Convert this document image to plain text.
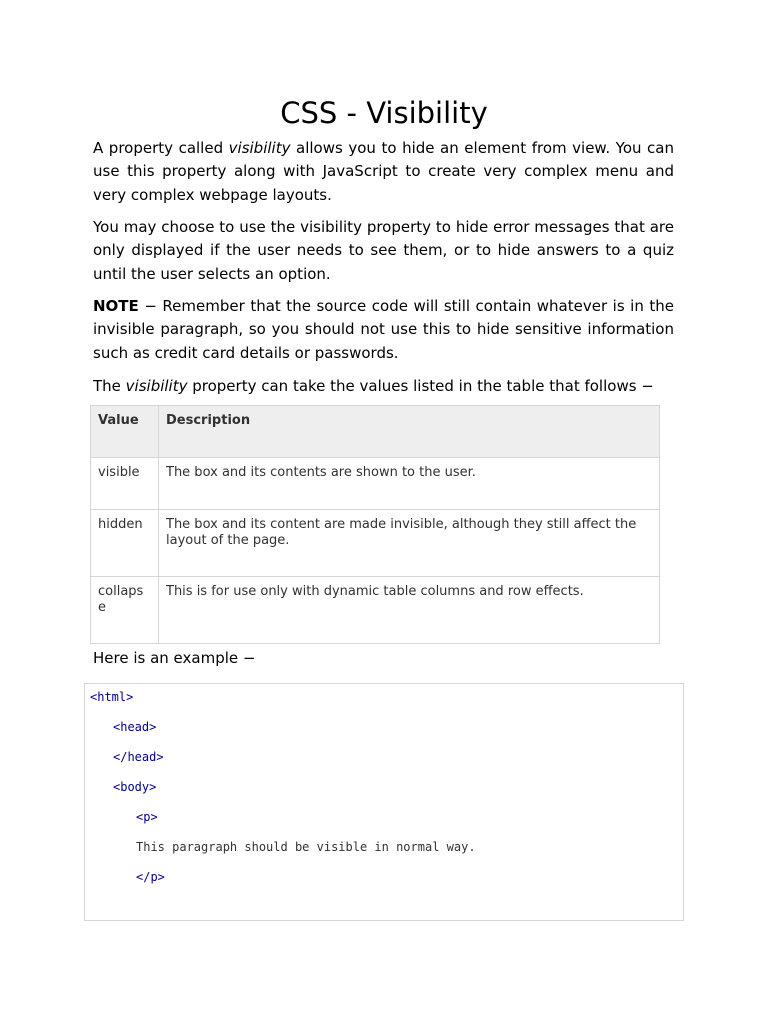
CSS - Visibility

A property called visibility allows you to hide an element from view. You can use this property along with JavaScript to create very complex menu and very complex webpage layouts.

You may choose to use the visibility property to hide error messages that are only displayed if the user needs to see them, or to hide answers to a quiz until the user selects an option.

NOTE − Remember that the source code will still contain whatever is in the invisible paragraph, so you should not use this to hide sensitive information such as credit card details or passwords.

The visibility property can take the values listed in the table that follows −

Value	Description
visible	The box and its contents are shown to the user.
hidden	The box and its content are made invisible, although they still affect the layout of the page.
collapse	This is for use only with dynamic table columns and row effects.

Here is an example −

<html>
<head>
</head>
<body>
<p>
This paragraph should be visible in normal way.
</p>
